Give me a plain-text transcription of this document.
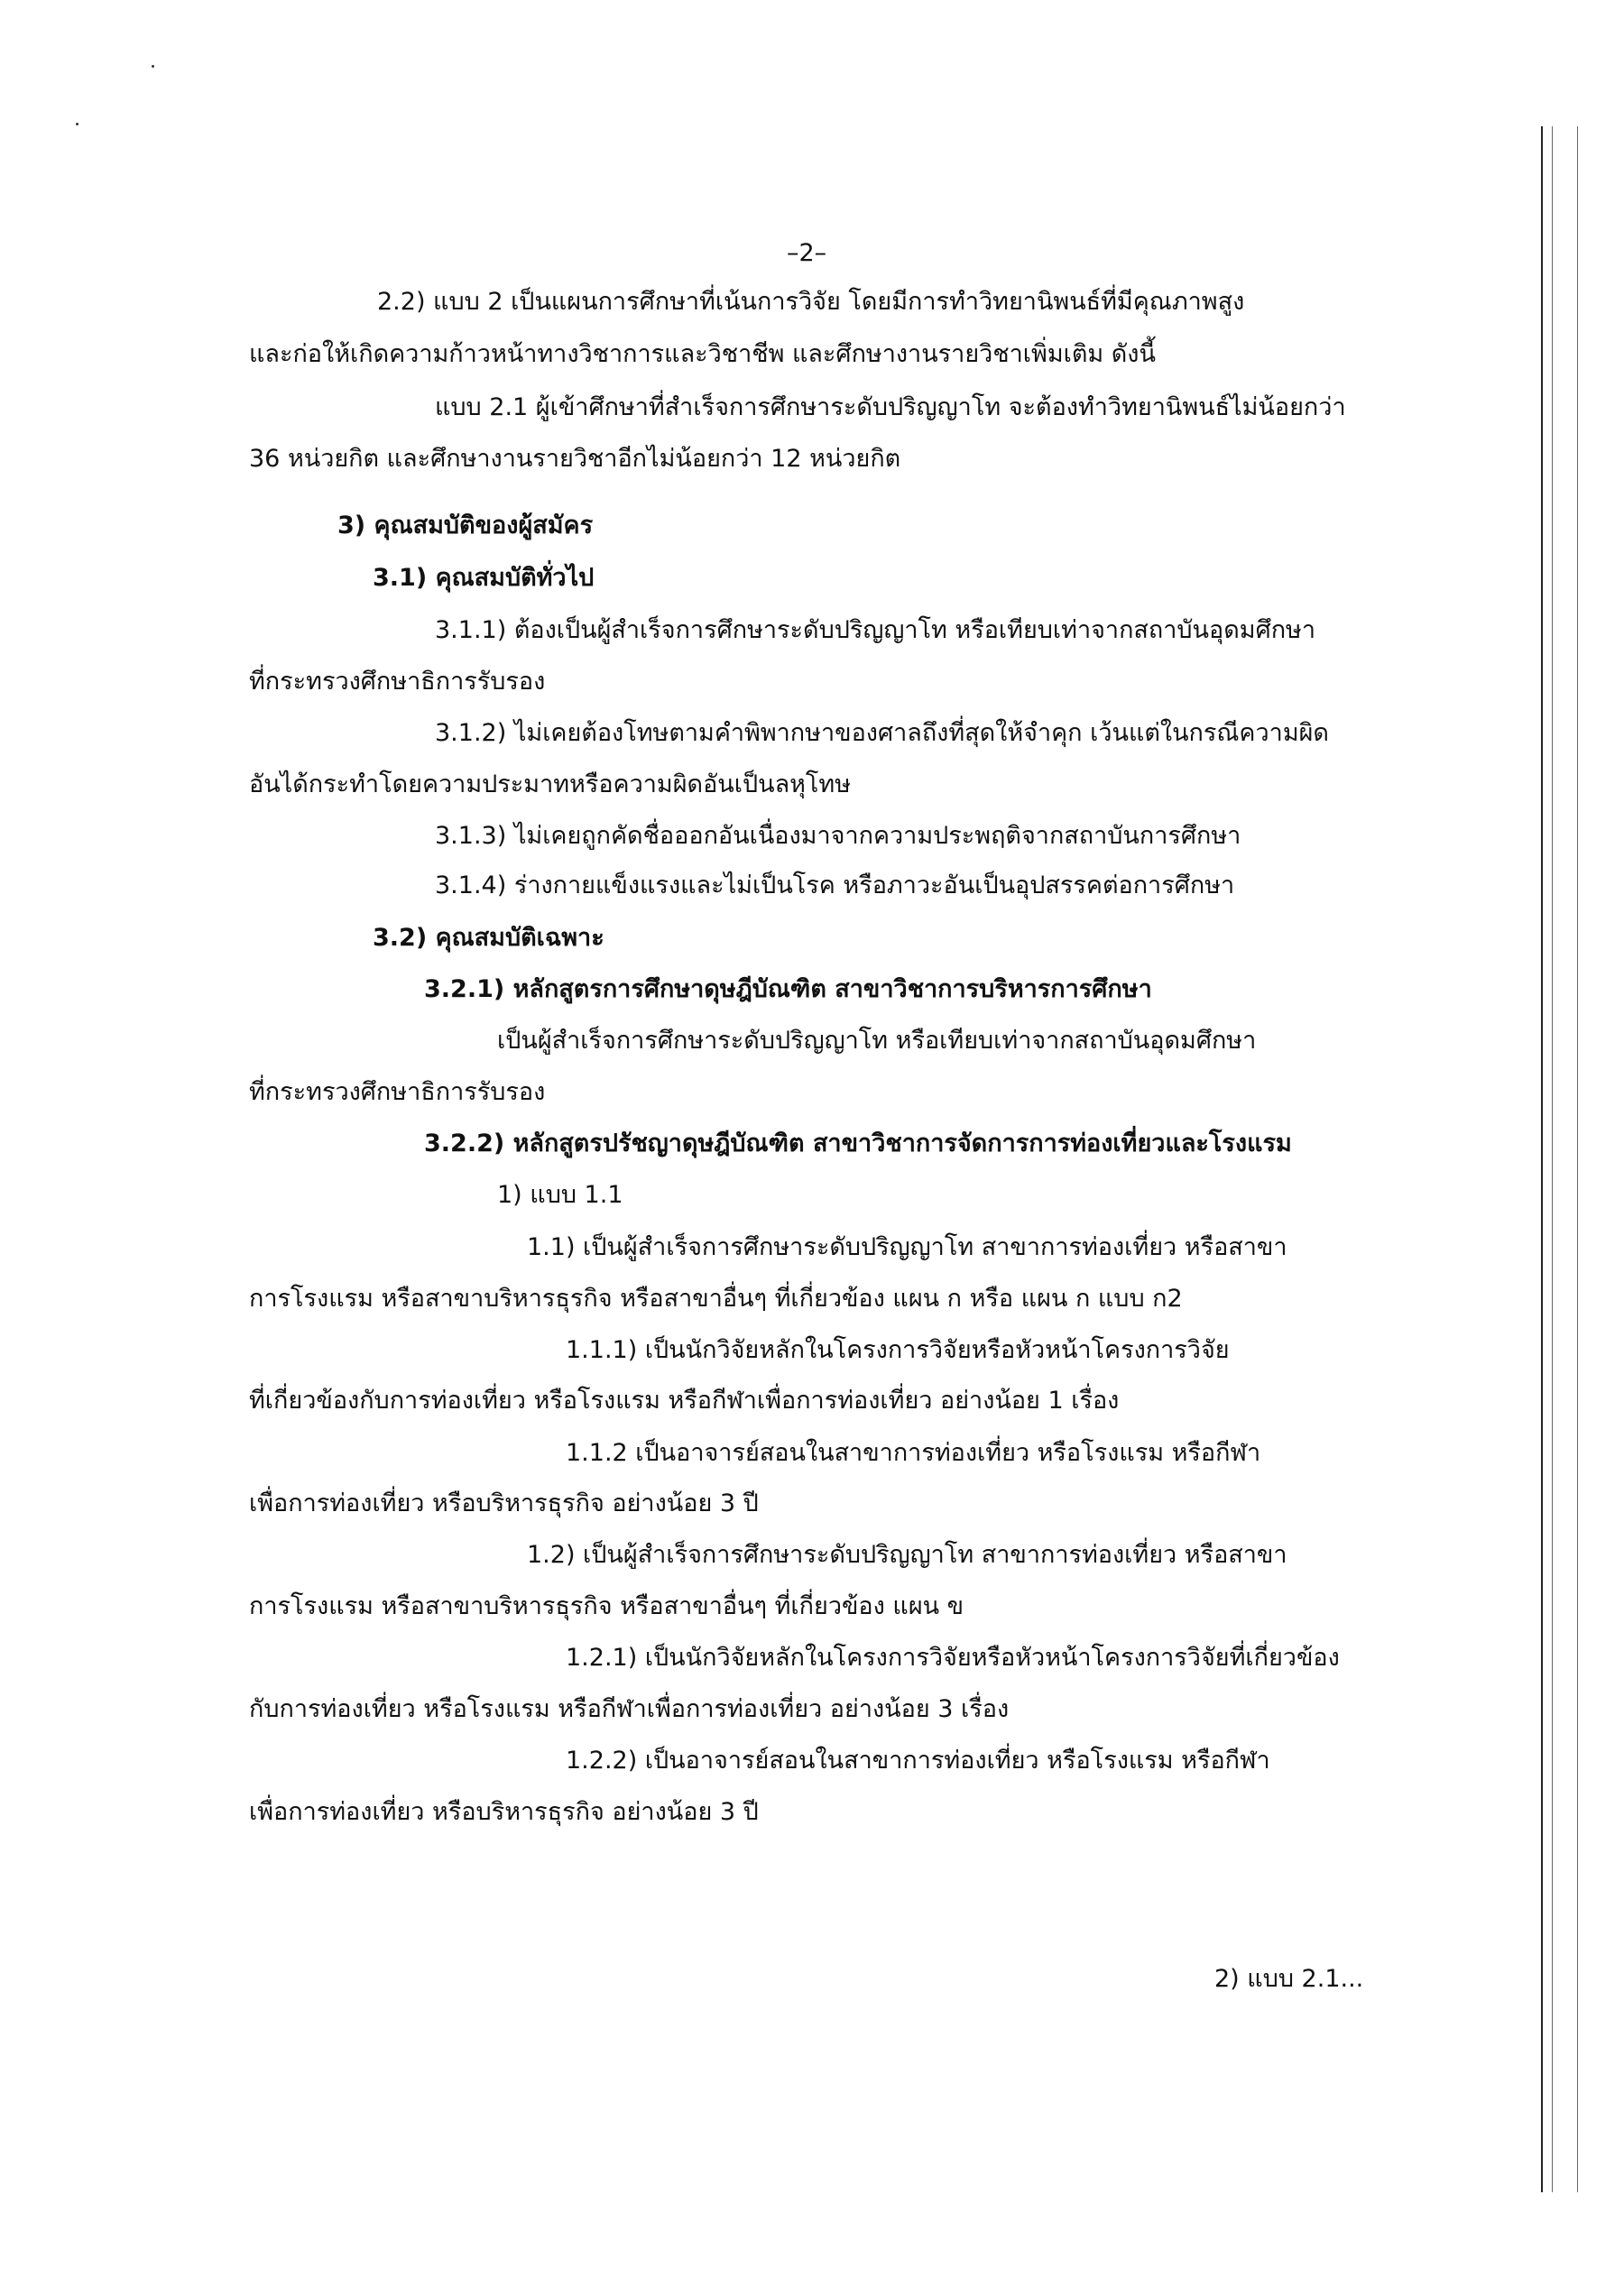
–2–
2.2) แบบ 2 เป็นแผนการศึกษาที่เน้นการวิจัย โดยมีการทำวิทยานิพนธ์ที่มีคุณภาพสูง
และก่อให้เกิดความก้าวหน้าทางวิชาการและวิชาชีพ และศึกษางานรายวิชาเพิ่มเติม ดังนี้
แบบ 2.1 ผู้เข้าศึกษาที่สำเร็จการศึกษาระดับปริญญาโท จะต้องทำวิทยานิพนธ์ไม่น้อยกว่า
36 หน่วยกิต และศึกษางานรายวิชาอีกไม่น้อยกว่า 12 หน่วยกิต
3) คุณสมบัติของผู้สมัคร
3.1) คุณสมบัติทั่วไป
3.1.1) ต้องเป็นผู้สำเร็จการศึกษาระดับปริญญาโท หรือเทียบเท่าจากสถาบันอุดมศึกษา
ที่กระทรวงศึกษาธิการรับรอง
3.1.2) ไม่เคยต้องโทษตามคำพิพากษาของศาลถึงที่สุดให้จำคุก เว้นแต่ในกรณีความผิด
อันได้กระทำโดยความประมาทหรือความผิดอันเป็นลหุโทษ
3.1.3) ไม่เคยถูกคัดชื่อออกอันเนื่องมาจากความประพฤติจากสถาบันการศึกษา
3.1.4) ร่างกายแข็งแรงและไม่เป็นโรค หรือภาวะอันเป็นอุปสรรคต่อการศึกษา
3.2) คุณสมบัติเฉพาะ
3.2.1) หลักสูตรการศึกษาดุษฎีบัณฑิต สาขาวิชาการบริหารการศึกษา
เป็นผู้สำเร็จการศึกษาระดับปริญญาโท หรือเทียบเท่าจากสถาบันอุดมศึกษา
ที่กระทรวงศึกษาธิการรับรอง
3.2.2) หลักสูตรปรัชญาดุษฎีบัณฑิต สาขาวิชาการจัดการการท่องเที่ยวและโรงแรม
1) แบบ 1.1
1.1) เป็นผู้สำเร็จการศึกษาระดับปริญญาโท สาขาการท่องเที่ยว หรือสาขา
การโรงแรม หรือสาขาบริหารธุรกิจ หรือสาขาอื่นๆ ที่เกี่ยวข้อง แผน ก หรือ แผน ก แบบ ก2
1.1.1) เป็นนักวิจัยหลักในโครงการวิจัยหรือหัวหน้าโครงการวิจัย
ที่เกี่ยวข้องกับการท่องเที่ยว หรือโรงแรม หรือกีฬาเพื่อการท่องเที่ยว อย่างน้อย 1 เรื่อง
1.1.2 เป็นอาจารย์สอนในสาขาการท่องเที่ยว หรือโรงแรม หรือกีฬา
เพื่อการท่องเที่ยว หรือบริหารธุรกิจ อย่างน้อย 3 ปี
1.2) เป็นผู้สำเร็จการศึกษาระดับปริญญาโท สาขาการท่องเที่ยว หรือสาขา
การโรงแรม หรือสาขาบริหารธุรกิจ หรือสาขาอื่นๆ ที่เกี่ยวข้อง แผน ข
1.2.1) เป็นนักวิจัยหลักในโครงการวิจัยหรือหัวหน้าโครงการวิจัยที่เกี่ยวข้อง
กับการท่องเที่ยว หรือโรงแรม หรือกีฬาเพื่อการท่องเที่ยว อย่างน้อย 3 เรื่อง
1.2.2) เป็นอาจารย์สอนในสาขาการท่องเที่ยว หรือโรงแรม หรือกีฬา
เพื่อการท่องเที่ยว หรือบริหารธุรกิจ อย่างน้อย 3 ปี
2) แบบ 2.1...
